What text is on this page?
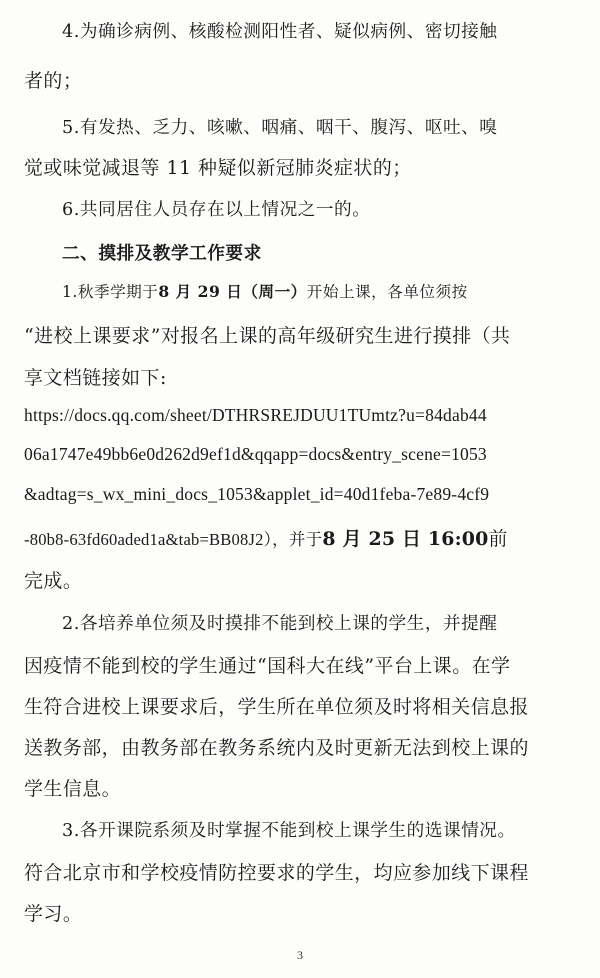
4.为确诊病例、核酸检测阳性者、疑似病例、密切接触
者的；
5.有发热、乏力、咳嗽、咽痛、咽干、腹泻、呕吐、嗅
觉或味觉减退等 11 种疑似新冠肺炎症状的；
6.共同居住人员存在以上情况之一的。
二、摸排及教学工作要求
1.秋季学期于8 月 29 日（周一）开始上课，各单位须按
“进校上课要求”对报名上课的高年级研究生进行摸排（共
享文档链接如下:
https://docs.qq.com/sheet/DTHRSREJDUU1TUmtz?u=84dab44
06a1747e49bb6e0d262d9ef1d&qqapp=docs&entry_scene=1053
&adtag=s_wx_mini_docs_1053&applet_id=40d1feba-7e89-4cf9
-80b8-63fd60aded1a&tab=BB08J2），并于8 月 25 日 16:00前
完成。
2.各培养单位须及时摸排不能到校上课的学生，并提醒
因疫情不能到校的学生通过“国科大在线”平台上课。在学
生符合进校上课要求后，学生所在单位须及时将相关信息报
送教务部，由教务部在教务系统内及时更新无法到校上课的
学生信息。
3.各开课院系须及时掌握不能到校上课学生的选课情况。
符合北京市和学校疫情防控要求的学生，均应参加线下课程
学习。
3
